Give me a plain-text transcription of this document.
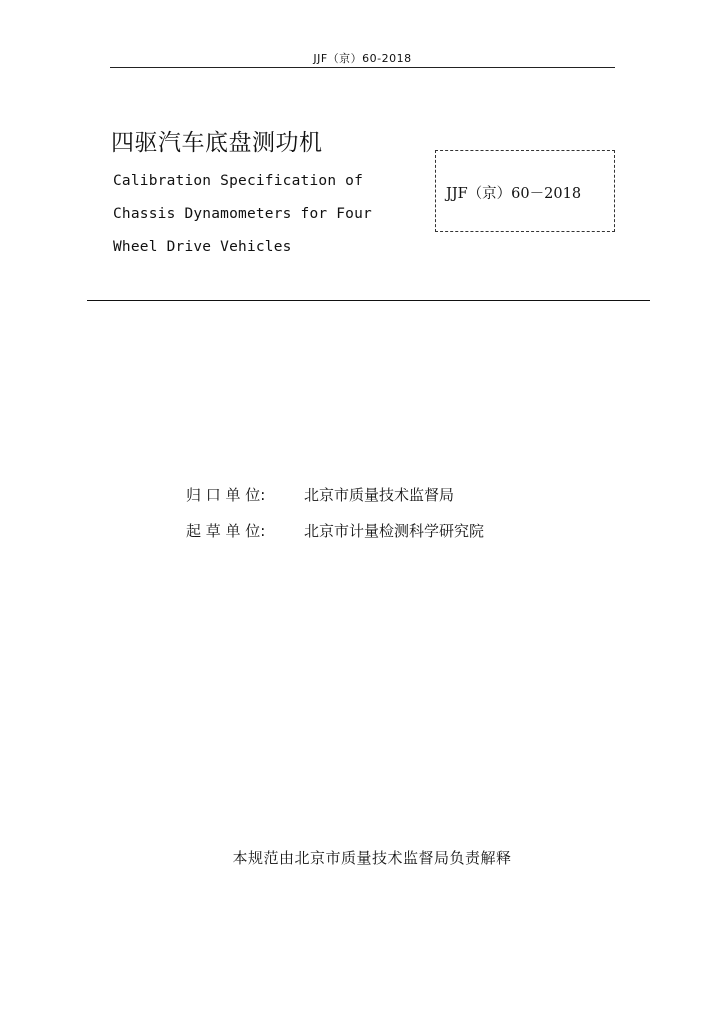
JJF（京）60-2018
四驱汽车底盘测功机
Calibration Specification of
Chassis Dynamometers for Four
Wheel Drive Vehicles
JJF（京）60－2018
归 口 单 位:	北京市质量技术监督局
起 草 单 位:	北京市计量检测科学研究院
本规范由北京市质量技术监督局负责解释
